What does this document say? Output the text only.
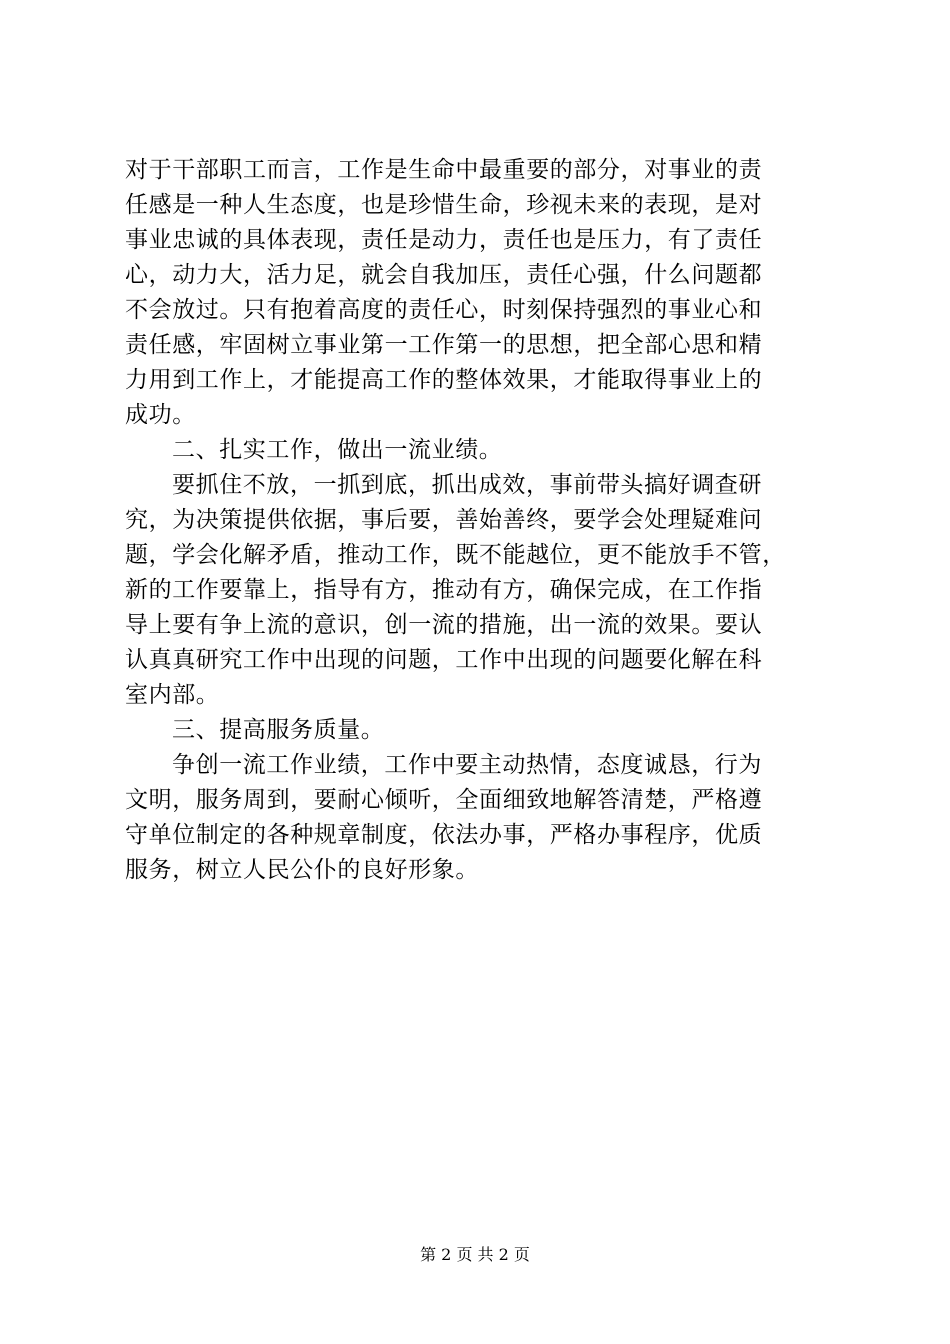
对于干部职工而言，工作是生命中最重要的部分，对事业的责
任感是一种人生态度，也是珍惜生命，珍视未来的表现，是对
事业忠诚的具体表现，责任是动力，责任也是压力，有了责任
心，动力大，活力足，就会自我加压，责任心强，什么问题都
不会放过。只有抱着高度的责任心，时刻保持强烈的事业心和
责任感，牢固树立事业第一工作第一的思想，把全部心思和精
力用到工作上，才能提高工作的整体效果，才能取得事业上的
成功。
二、扎实工作，做出一流业绩。
要抓住不放，一抓到底，抓出成效，事前带头搞好调查研
究，为决策提供依据，事后要，善始善终，要学会处理疑难问
题，学会化解矛盾，推动工作，既不能越位，更不能放手不管，
新的工作要靠上，指导有方，推动有方，确保完成，在工作指
导上要有争上流的意识，创一流的措施，出一流的效果。要认
认真真研究工作中出现的问题，工作中出现的问题要化解在科
室内部。
三、提高服务质量。
争创一流工作业绩，工作中要主动热情，态度诚恳，行为
文明，服务周到，要耐心倾听，全面细致地解答清楚，严格遵
守单位制定的各种规章制度，依法办事，严格办事程序，优质
服务，树立人民公仆的良好形象。
第 2 页 共 2 页
